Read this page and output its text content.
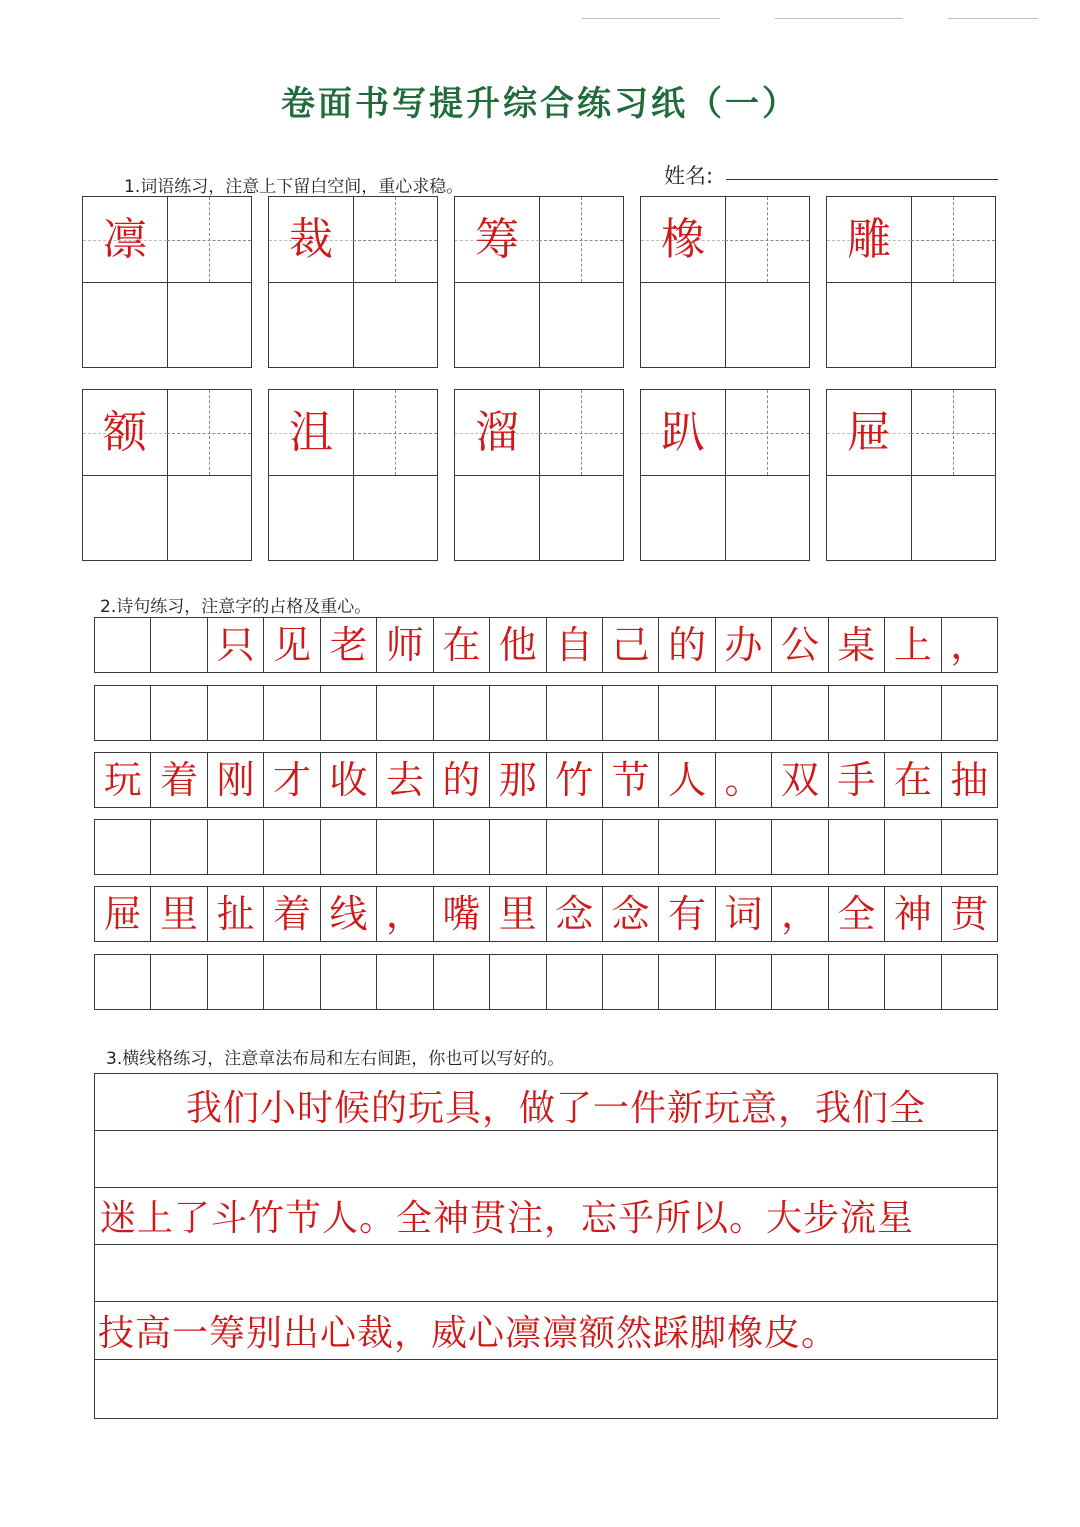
卷面书写提升综合练习纸（一）
1.词语练习，注意上下留白空间，重心求稳。	姓名:
凛	裁	筹	橡	雕
额	沮	溜	趴	屉
2.诗句练习，注意字的占格及重心。
只 见 老 师 在 他 自 己 的 办 公 桌 上 ，
玩 着 刚 才 收 去 的 那 竹 节 人 。 双 手 在 抽
屉 里 扯 着 线 ， 嘴 里 念 念 有 词 ， 全 神 贯
3.横线格练习，注意章法布局和左右间距，你也可以写好的。
我们小时候的玩具，做了一件新玩意，我们全
迷上了斗竹节人。全神贯注，忘乎所以。大步流星
技高一筹别出心裁，威心凛凛额然踩脚橡皮。
